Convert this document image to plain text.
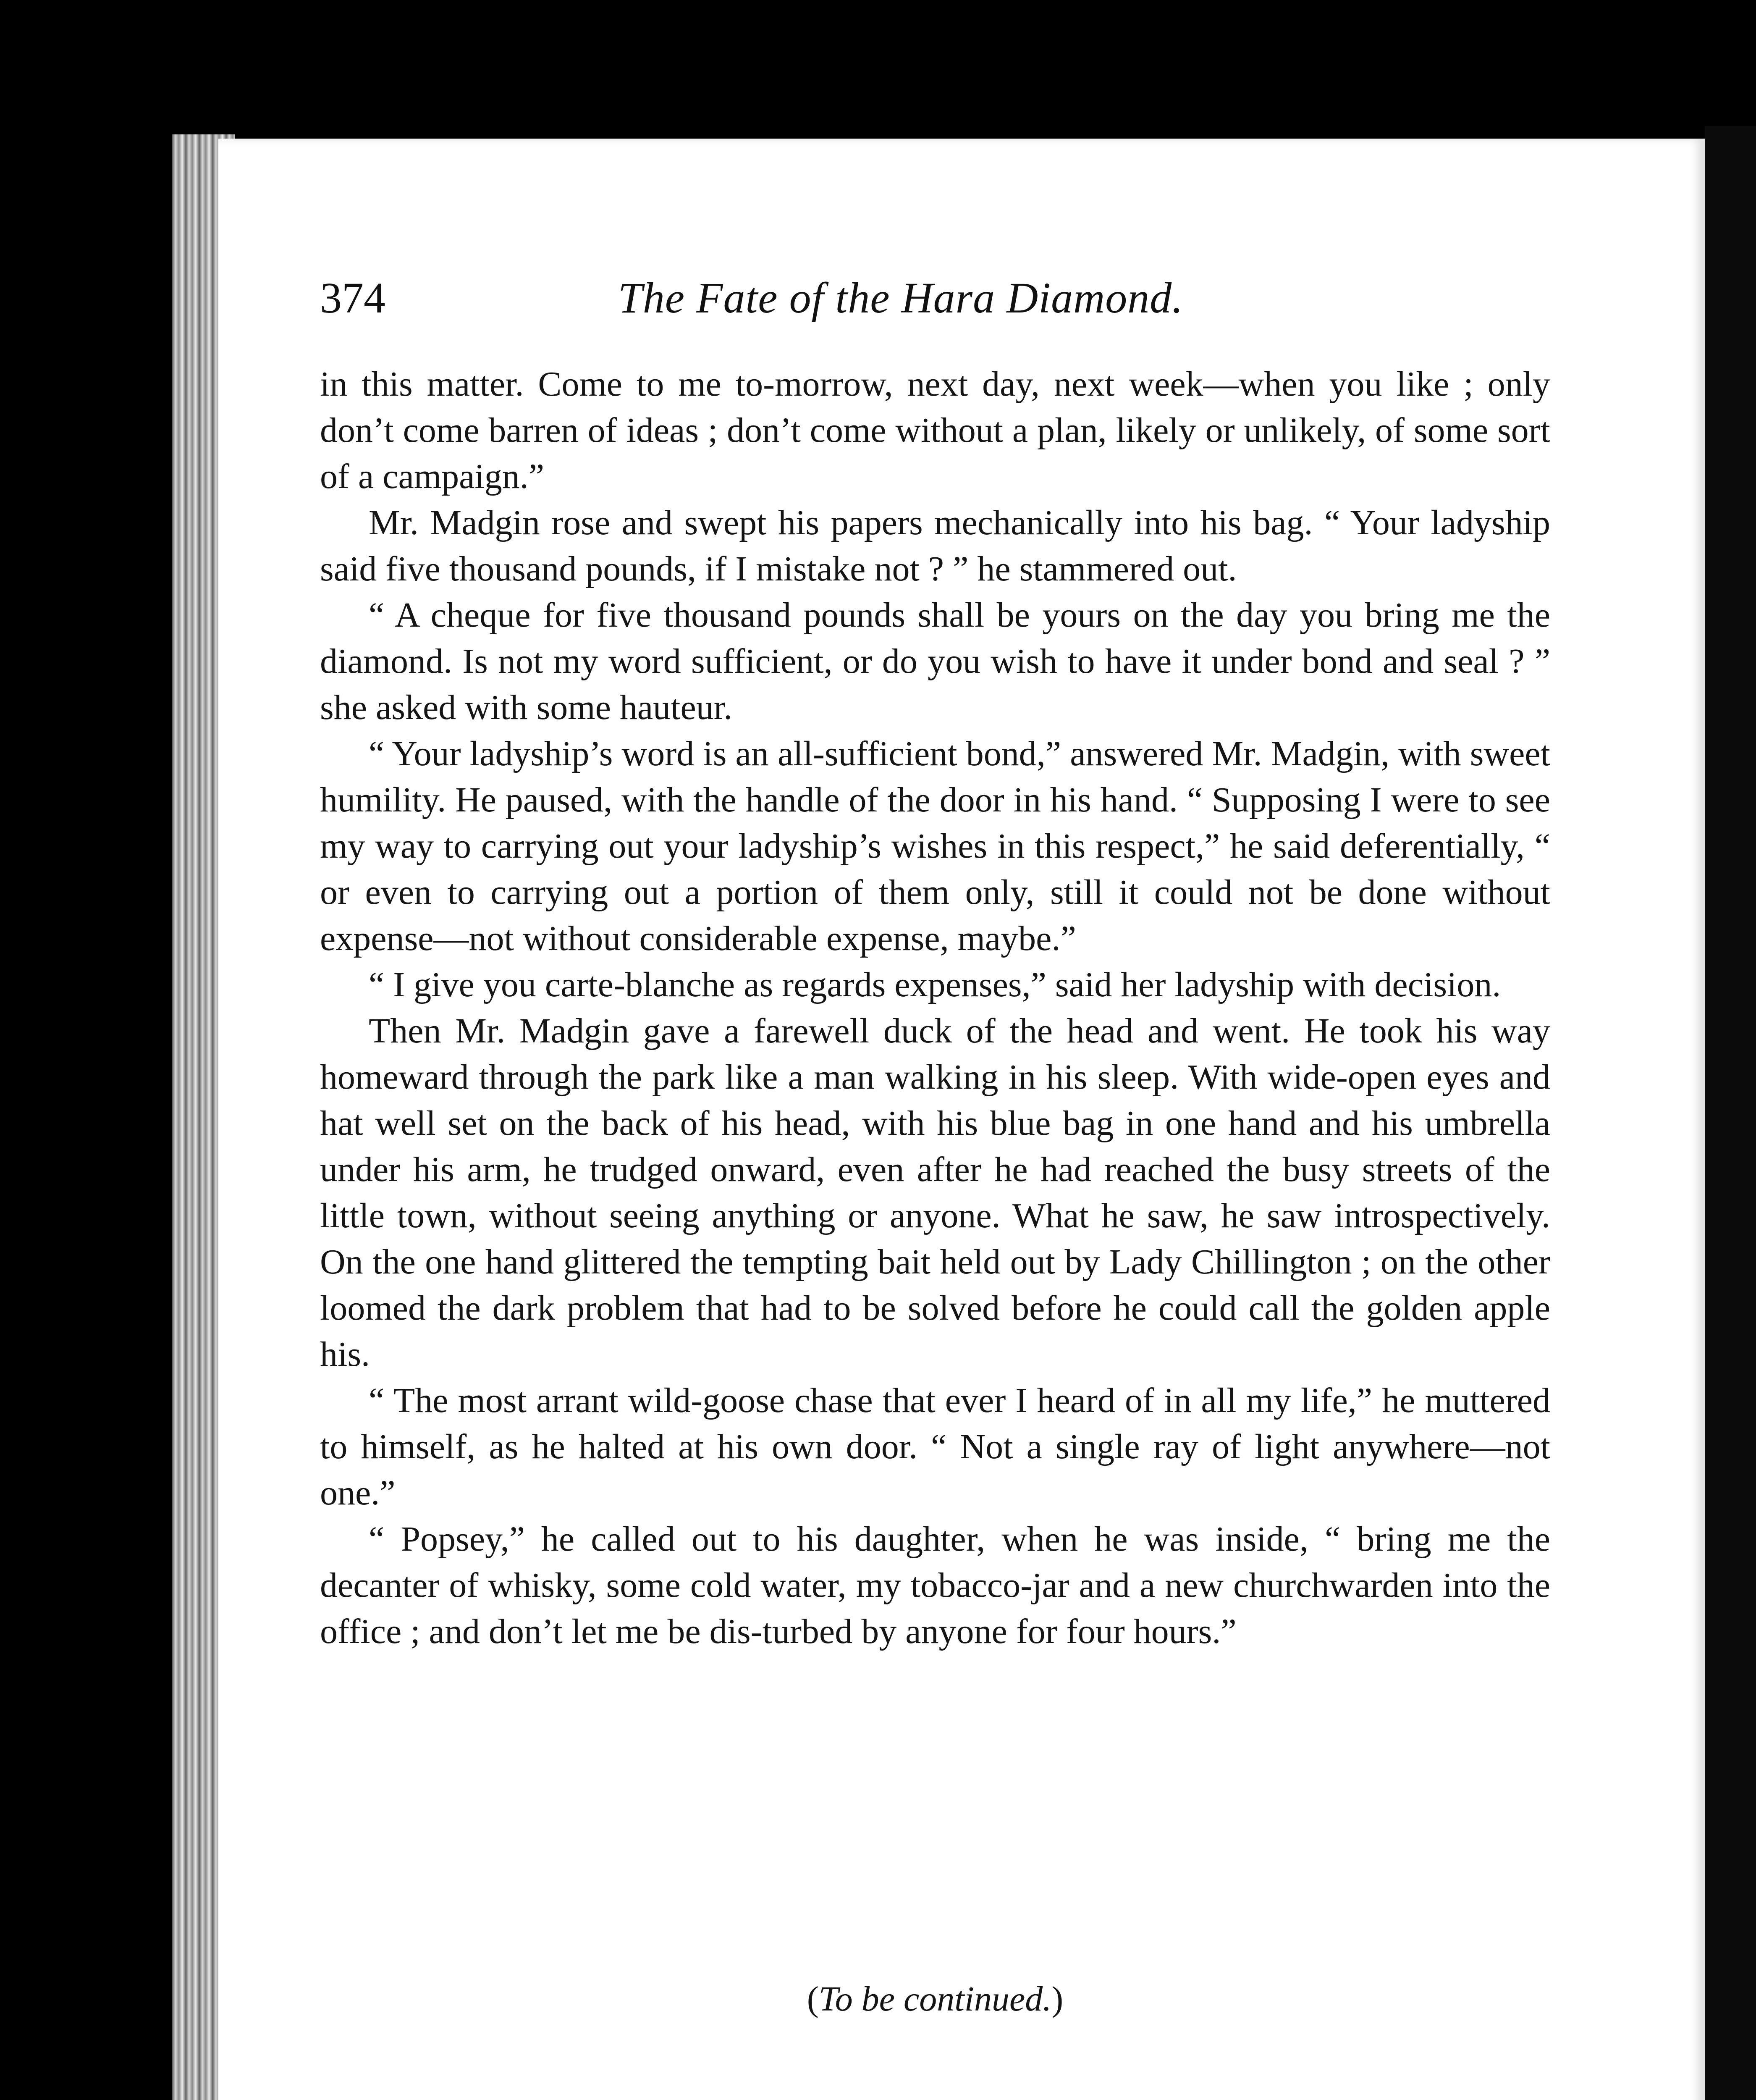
374	The Fate of the Hara Diamond.

in this matter. Come to me to-morrow, next day, next week—when you like ; only don’t come barren of ideas ; don’t come without a plan, likely or unlikely, of some sort of a campaign.”

Mr. Madgin rose and swept his papers mechanically into his bag. “ Your ladyship said five thousand pounds, if I mistake not ? ” he stammered out.

“ A cheque for five thousand pounds shall be yours on the day you bring me the diamond. Is not my word sufficient, or do you wish to have it under bond and seal ? ” she asked with some hauteur.

“ Your ladyship’s word is an all-sufficient bond,” answered Mr. Madgin, with sweet humility. He paused, with the handle of the door in his hand. “ Supposing I were to see my way to carrying out your ladyship’s wishes in this respect,” he said deferentially, “ or even to carrying out a portion of them only, still it could not be done without expense—not without considerable expense, maybe.”

“ I give you carte-blanche as regards expenses,” said her ladyship with decision.

Then Mr. Madgin gave a farewell duck of the head and went. He took his way homeward through the park like a man walking in his sleep. With wide-open eyes and hat well set on the back of his head, with his blue bag in one hand and his umbrella under his arm, he trudged onward, even after he had reached the busy streets of the little town, without seeing anything or anyone. What he saw, he saw introspectively. On the one hand glittered the tempting bait held out by Lady Chillington ; on the other loomed the dark problem that had to be solved before he could call the golden apple his.

“ The most arrant wild-goose chase that ever I heard of in all my life,” he muttered to himself, as he halted at his own door. “ Not a single ray of light anywhere—not one.”

“ Popsey,” he called out to his daughter, when he was inside, “ bring me the decanter of whisky, some cold water, my tobacco-jar and a new churchwarden into the office ; and don’t let me be dis-turbed by anyone for four hours.”

(To be continued.)
